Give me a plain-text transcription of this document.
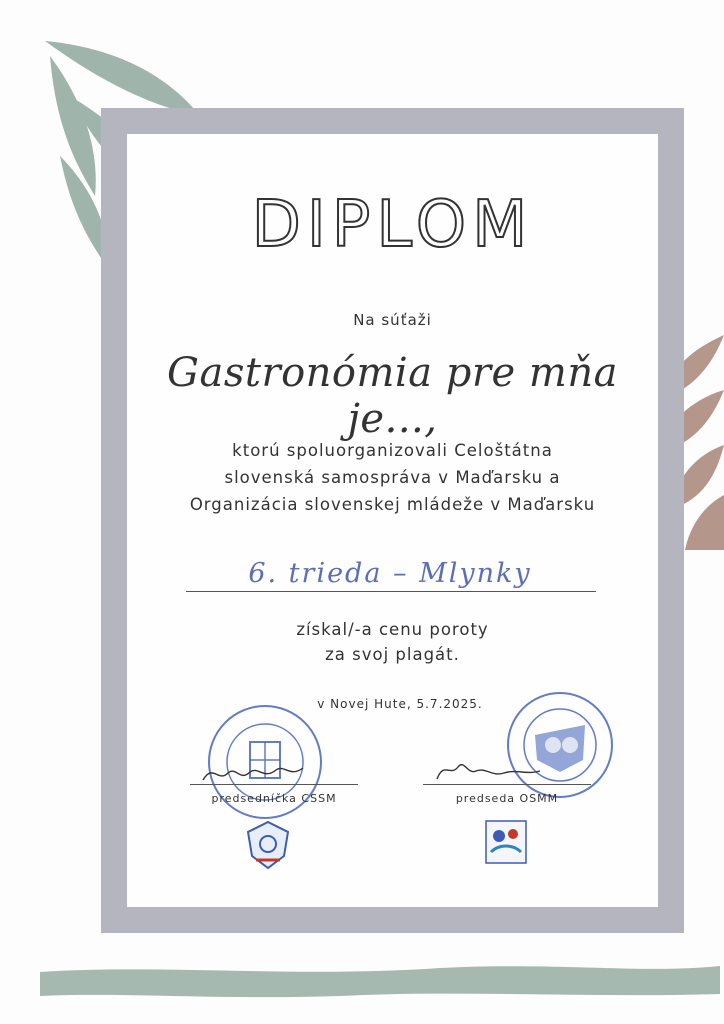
DIPLOM
Na súťaži
Gastronómia pre mňa je...,
ktorú spoluorganizovali Celoštátna
slovenská samospráva v Maďarsku a
Organizácia slovenskej mládeže v Maďarsku
6. trieda – Mlynky
získal/-a cenu poroty
za svoj plagát.
v Novej Hute, 5.7.2025.
predsedníčka CSSM	predseda OSMM
